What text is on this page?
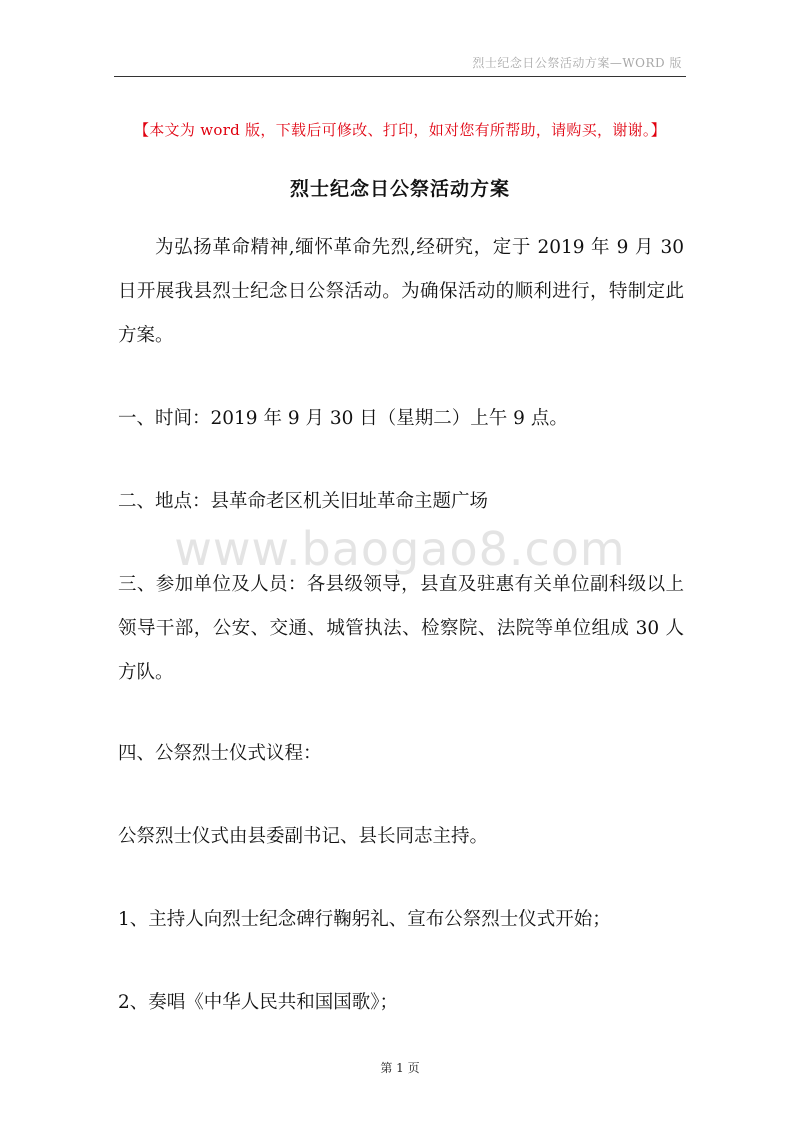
烈士纪念日公祭活动方案—WORD 版
【本文为 word 版，下载后可修改、打印，如对您有所帮助，请购买，谢谢。】
烈士纪念日公祭活动方案

为弘扬革命精神,缅怀革命先烈,经研究，定于 2019 年 9 月 30 日开展我县烈士纪念日公祭活动。为确保活动的顺利进行，特制定此方案。

一、时间：2019 年 9 月 30 日（星期二）上午 9 点。

二、地点：县革命老区机关旧址革命主题广场

www.baogao8.com

三、参加单位及人员：各县级领导，县直及驻惠有关单位副科级以上领导干部，公安、交通、城管执法、检察院、法院等单位组成 30 人方队。

四、公祭烈士仪式议程：

公祭烈士仪式由县委副书记、县长同志主持。

1、主持人向烈士纪念碑行鞠躬礼、宣布公祭烈士仪式开始；

2、奏唱《中华人民共和国国歌》；

第 1 页
